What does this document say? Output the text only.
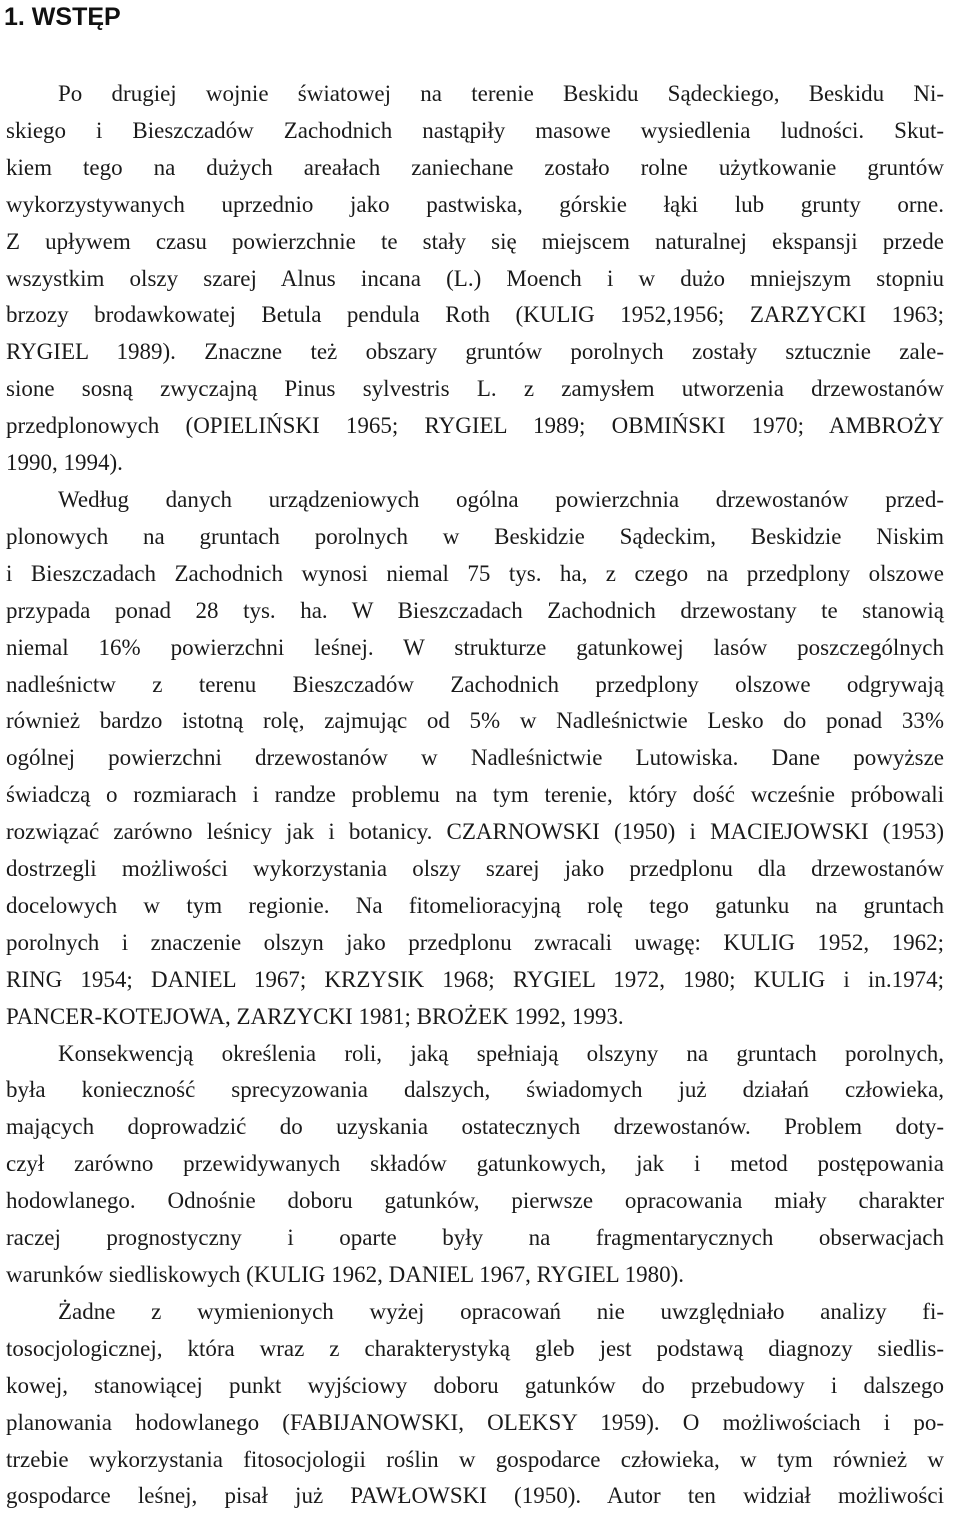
1. WSTĘP

Po drugiej wojnie światowej na terenie Beskidu Sądeckiego, Beskidu Ni-
skiego i Bieszczadów Zachodnich nastąpiły masowe wysiedlenia ludności. Skut-
kiem tego na dużych areałach zaniechane zostało rolne użytkowanie gruntów
wykorzystywanych uprzednio jako pastwiska, górskie łąki lub grunty orne.
Z upływem czasu powierzchnie te stały się miejscem naturalnej ekspansji przede
wszystkim olszy szarej Alnus incana (L.) Moench i w dużo mniejszym stopniu
brzozy brodawkowatej Betula pendula Roth (KULIG 1952,1956; ZARZYCKI 1963;
RYGIEL 1989). Znaczne też obszary gruntów porolnych zostały sztucznie zale-
sione sosną zwyczajną Pinus sylvestris L. z zamysłem utworzenia drzewostanów
przedplonowych (OPIELIŃSKI 1965; RYGIEL 1989; OBMIŃSKI 1970; AMBROŻY
1990, 1994).

Według danych urządzeniowych ogólna powierzchnia drzewostanów przed-
plonowych na gruntach porolnych w Beskidzie Sądeckim, Beskidzie Niskim
i Bieszczadach Zachodnich wynosi niemal 75 tys. ha, z czego na przedplony olszowe
przypada ponad 28 tys. ha. W Bieszczadach Zachodnich drzewostany te stanowią
niemal 16% powierzchni leśnej. W strukturze gatunkowej lasów poszczególnych
nadleśnictw z terenu Bieszczadów Zachodnich przedplony olszowe odgrywają
również bardzo istotną rolę, zajmując od 5% w Nadleśnictwie Lesko do ponad 33%
ogólnej powierzchni drzewostanów w Nadleśnictwie Lutowiska. Dane powyższe
świadczą o rozmiarach i randze problemu na tym terenie, który dość wcześnie próbowali
rozwiązać zarówno leśnicy jak i botanicy. CZARNOWSKI (1950) i MACIEJOWSKI (1953)
dostrzegli możliwości wykorzystania olszy szarej jako przedplonu dla drzewostanów
docelowych w tym regionie. Na fitomelioracyjną rolę tego gatunku na gruntach
porolnych i znaczenie olszyn jako przedplonu zwracali uwagę: KULIG 1952, 1962;
RING 1954; DANIEL 1967; KRZYSIK 1968; RYGIEL 1972, 1980; KULIG i in.1974;
PANCER-KOTEJOWA, ZARZYCKI 1981; BROŻEK 1992, 1993.

Konsekwencją określenia roli, jaką spełniają olszyny na gruntach porolnych,
była konieczność sprecyzowania dalszych, świadomych już działań człowieka,
mających doprowadzić do uzyskania ostatecznych drzewostanów. Problem doty-
czył zarówno przewidywanych składów gatunkowych, jak i metod postępowania
hodowlanego. Odnośnie doboru gatunków, pierwsze opracowania miały charakter
raczej prognostyczny i oparte były na fragmentarycznych obserwacjach
warunków siedliskowych (KULIG 1962, DANIEL 1967, RYGIEL 1980).

Żadne z wymienionych wyżej opracowań nie uwzględniało analizy fi-
tosocjologicznej, która wraz z charakterystyką gleb jest podstawą diagnozy siedlis-
kowej, stanowiącej punkt wyjściowy doboru gatunków do przebudowy i dalszego
planowania hodowlanego (FABIJANOWSKI, OLEKSY 1959). O możliwościach i po-
trzebie wykorzystania fitosocjologii roślin w gospodarce człowieka, w tym również w
gospodarce leśnej, pisał już PAWŁOWSKI (1950). Autor ten widział możliwości
